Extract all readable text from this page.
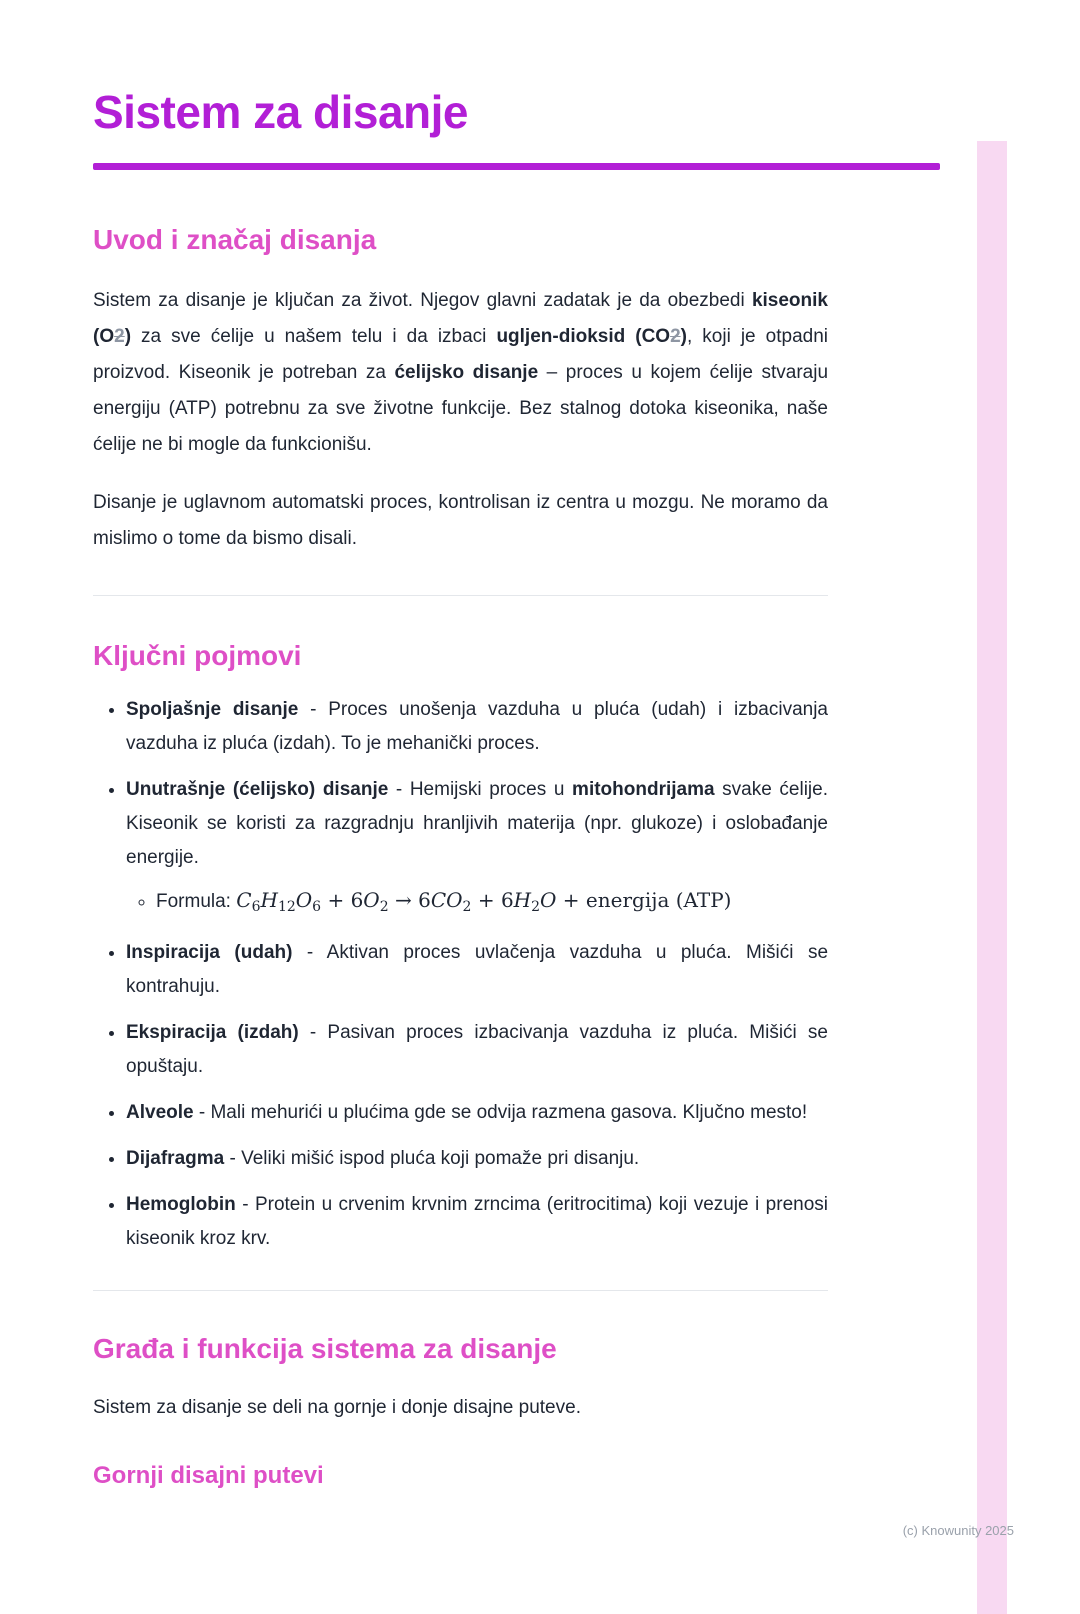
Sistem za disanje
Uvod i značaj disanja

Sistem za disanje je ključan za život. Njegov glavni zadatak je da obezbedi kiseonik (O2) za sve ćelije u našem telu i da izbaci ugljen-dioksid (CO2), koji je otpadni proizvod. Kiseonik je potreban za ćelijsko disanje – proces u kojem ćelije stvaraju energiju (ATP) potrebnu za sve životne funkcije. Bez stalnog dotoka kiseonika, naše ćelije ne bi mogle da funkcionišu.

Disanje je uglavnom automatski proces, kontrolisan iz centra u mozgu. Ne moramo da mislimo o tome da bismo disali.

Ključni pojmovi
• Spoljašnje disanje - Proces unošenja vazduha u pluća (udah) i izbacivanja vazduha iz pluća (izdah). To je mehanički proces.
• Unutrašnje (ćelijsko) disanje - Hemijski proces u mitohondrijama svake ćelije. Kiseonik se koristi za razgradnju hranljivih materija (npr. glukoze) i oslobađanje energije.
◦ Formula: $C_6H_{12}O_6 + 6O_2 \to 6CO_2 + 6H_2O$ + energija (ATP)
• Inspiracija (udah) - Aktivan proces uvlačenja vazduha u pluća. Mišići se kontrahuju.
• Ekspiracija (izdah) - Pasivan proces izbacivanja vazduha iz pluća. Mišići se opuštaju.
• Alveole - Mali mehurići u plućima gde se odvija razmena gasova. Ključno mesto!
• Dijafragma - Veliki mišić ispod pluća koji pomaže pri disanju.
• Hemoglobin - Protein u crvenim krvnim zrncima (eritrocitima) koji vezuje i prenosi kiseonik kroz krv.
Građa i funkcija sistema za disanje

Sistem za disanje se deli na gornje i donje disajne puteve.

Gornji disajni putevi
(c) Knowunity 2025
